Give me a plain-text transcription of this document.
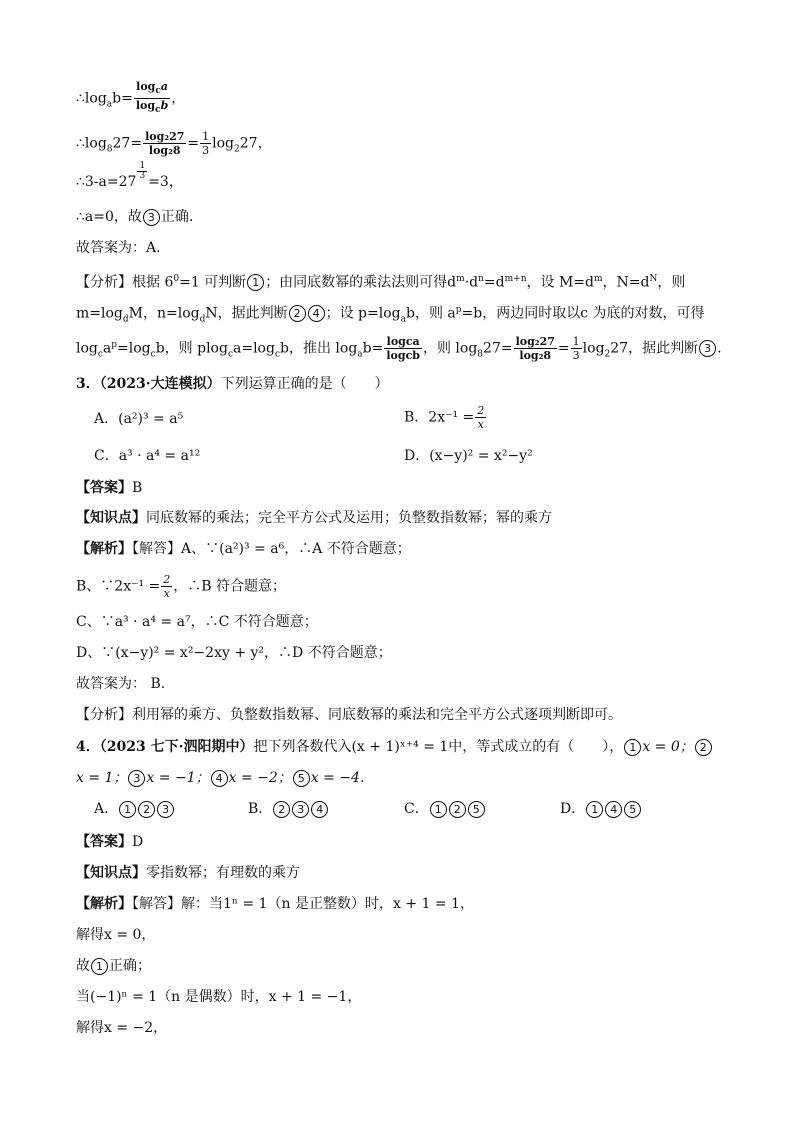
$\therefore\log_ab= \frac{\log_ca}{\log_cb}$ ，
$\therefore\log_827= \frac{\text{log₂27}}{\text{log₂8}} = \frac{1}{3} \log_227$，
∴3-a=27
$\frac{1}{3}$
=3，
∴a=0，故 3 正确.
故答案为：A.
【分析】根据 $6^0=1$ 可判断 1 ；由同底数幂的乘法法则可得$d^m\cdot d^n=d^{m+n}$，设 $M=d^m$，$N=d^N$，则
$m=\log_dM$，$n=\log_dN$，据此判断 2 4 ；设 $p=\log_ab$，则 $a^p=b$，两边同时取以c 为底的对数，可得
$\log_ca^p=\log_cb$，则 $plog_ca=\log_cb$，推出 $\log_ab= \frac{\text{logca}}{\text{logcb}}$ ，则 $\log_827= \frac{\text{log₂27}}{\text{log₂8}} = \frac{1}{3} \log_227$，据此判断 3 .
3．（2023·大连模拟）下列运算正确的是（　　）
A．(a²)³ = a⁵	B．$2x^{-1} = \frac{2}{x}$
C．a³ · a⁴ = a¹²	D．(x−y)² = x²−y²
【答案】B
【知识点】同底数幂的乘法；完全平方公式及运用；负整数指数幂；幂的乘方
【解析】【解答】A、∵(a²)³ = a⁶，∴A 不符合题意；
B、∵2x⁻¹ = $\frac{2}{x}$ ，∴B 符合题意；
C、∵a³ · a⁴ = a⁷，∴C 不符合题意；
D、∵(x−y)² = x²−2xy + y²，∴D 不符合题意；
故答案为： B.
【分析】利用幂的乘方、负整数指数幂、同底数幂的乘法和完全平方公式逐项判断即可。
4．（2023 七下·泗阳期中）把下列各数代入(x + 1)ˣ⁺⁴ = 1中，等式成立的有（　　）， 1 x = 0； 2
x = 1； 3 x = −1； 4 x = −2； 5 x = −4.
A． 1 2 3	B． 2 3 4	C． 1 2 5	D． 1 4 5
【答案】D
【知识点】零指数幂；有理数的乘方
【解析】【解答】解：当1ⁿ = 1（n 是正整数）时，x + 1 = 1，
解得x = 0，
故 1 正确；
当(−1)ⁿ = 1（n 是偶数）时，x + 1 = −1，
解得x = −2，
